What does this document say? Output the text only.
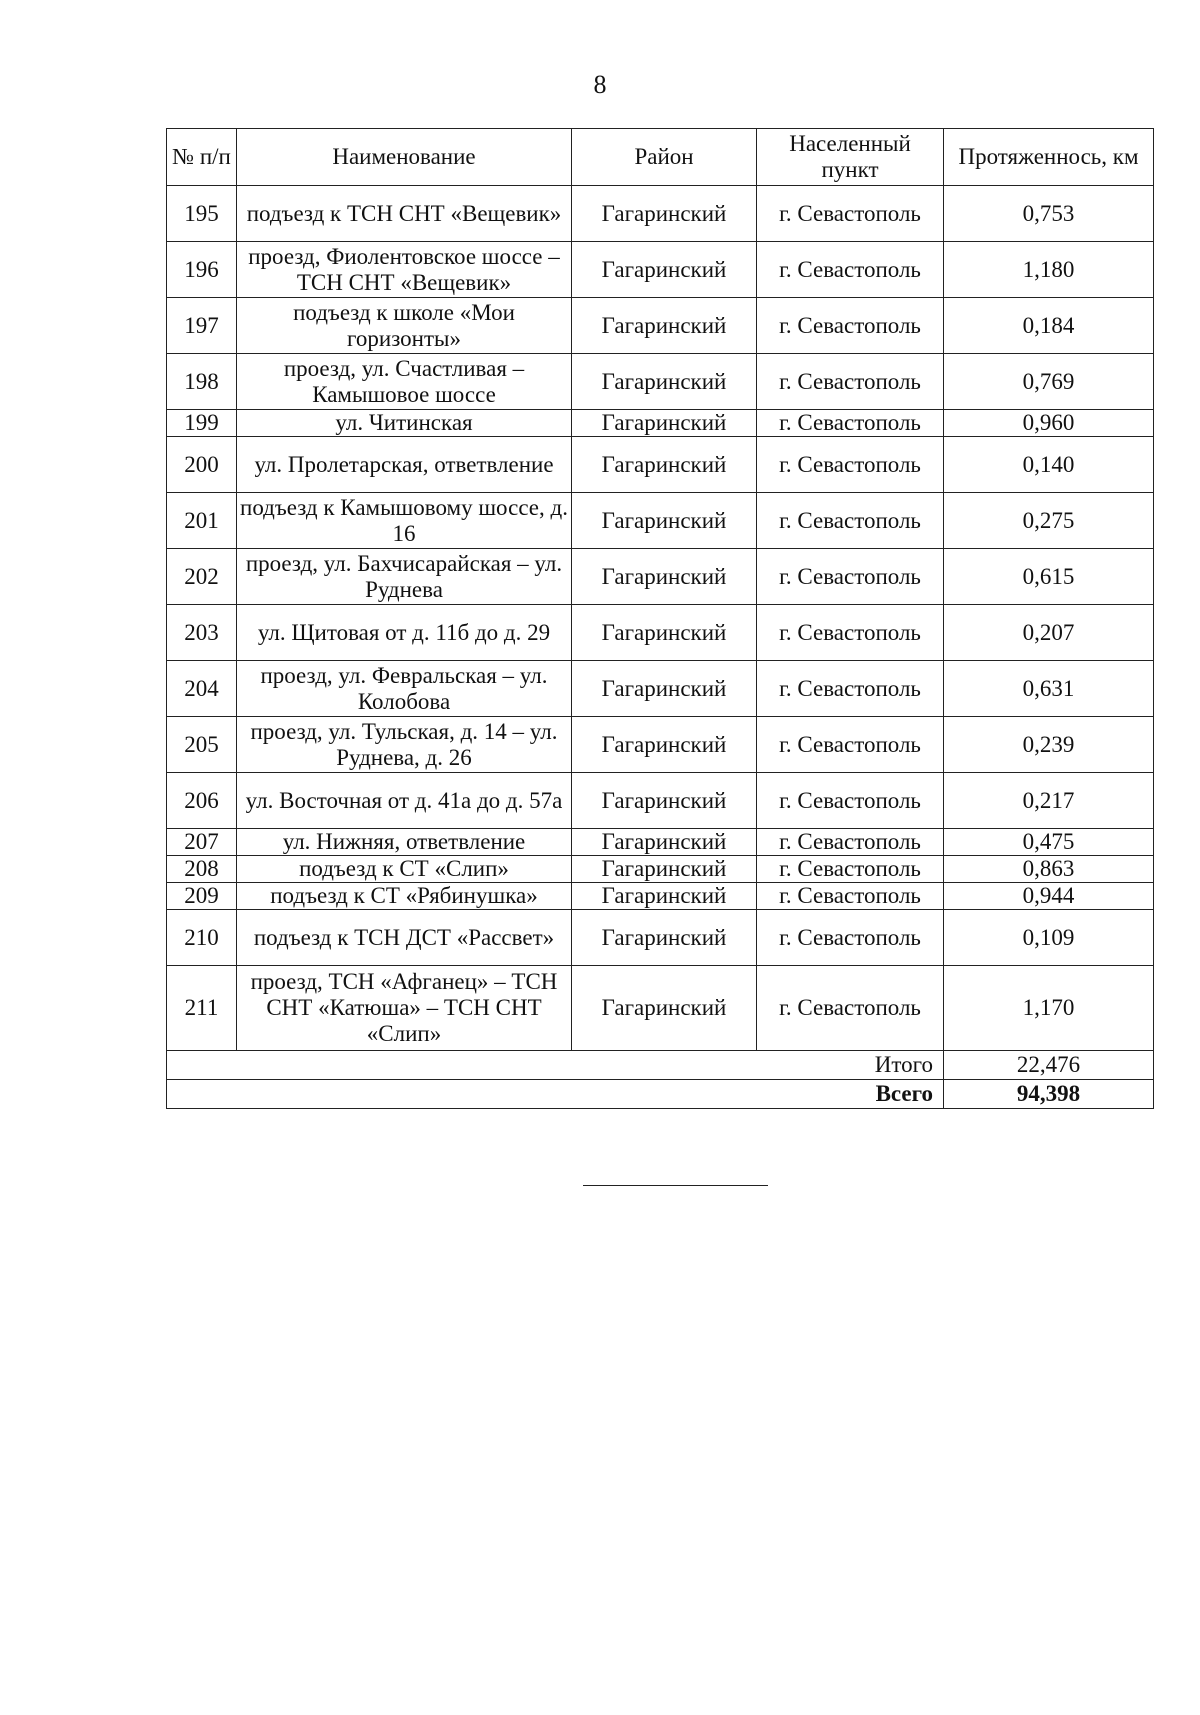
8
№ п/п	Наименование	Район	Населенный пункт	Протяженнось, км
195	подъезд к ТСН СНТ «Вещевик»	Гагаринский	г. Севастополь	0,753
196	проезд, Фиолентовское шоссе – ТСН СНТ «Вещевик»	Гагаринский	г. Севастополь	1,180
197	подъезд к школе «Мои горизонты»	Гагаринский	г. Севастополь	0,184
198	проезд, ул. Счастливая – Камышовое шоссе	Гагаринский	г. Севастополь	0,769
199	ул. Читинская	Гагаринский	г. Севастополь	0,960
200	ул. Пролетарская, ответвление	Гагаринский	г. Севастополь	0,140
201	подъезд к Камышовому шоссе, д. 16	Гагаринский	г. Севастополь	0,275
202	проезд, ул. Бахчисарайская – ул. Руднева	Гагаринский	г. Севастополь	0,615
203	ул. Щитовая от д. 11б до д. 29	Гагаринский	г. Севастополь	0,207
204	проезд, ул. Февральская – ул. Колобова	Гагаринский	г. Севастополь	0,631
205	проезд, ул. Тульская, д. 14 – ул. Руднева, д. 26	Гагаринский	г. Севастополь	0,239
206	ул. Восточная от д. 41а до д. 57а	Гагаринский	г. Севастополь	0,217
207	ул. Нижняя, ответвление	Гагаринский	г. Севастополь	0,475
208	подъезд к СТ «Слип»	Гагаринский	г. Севастополь	0,863
209	подъезд к СТ «Рябинушка»	Гагаринский	г. Севастополь	0,944
210	подъезд к ТСН ДСТ «Рассвет»	Гагаринский	г. Севастополь	0,109
211	проезд, ТСН «Афганец» – ТСН СНТ «Катюша» – ТСН СНТ «Слип»	Гагаринский	г. Севастополь	1,170
Итого				22,476
Всего				94,398
